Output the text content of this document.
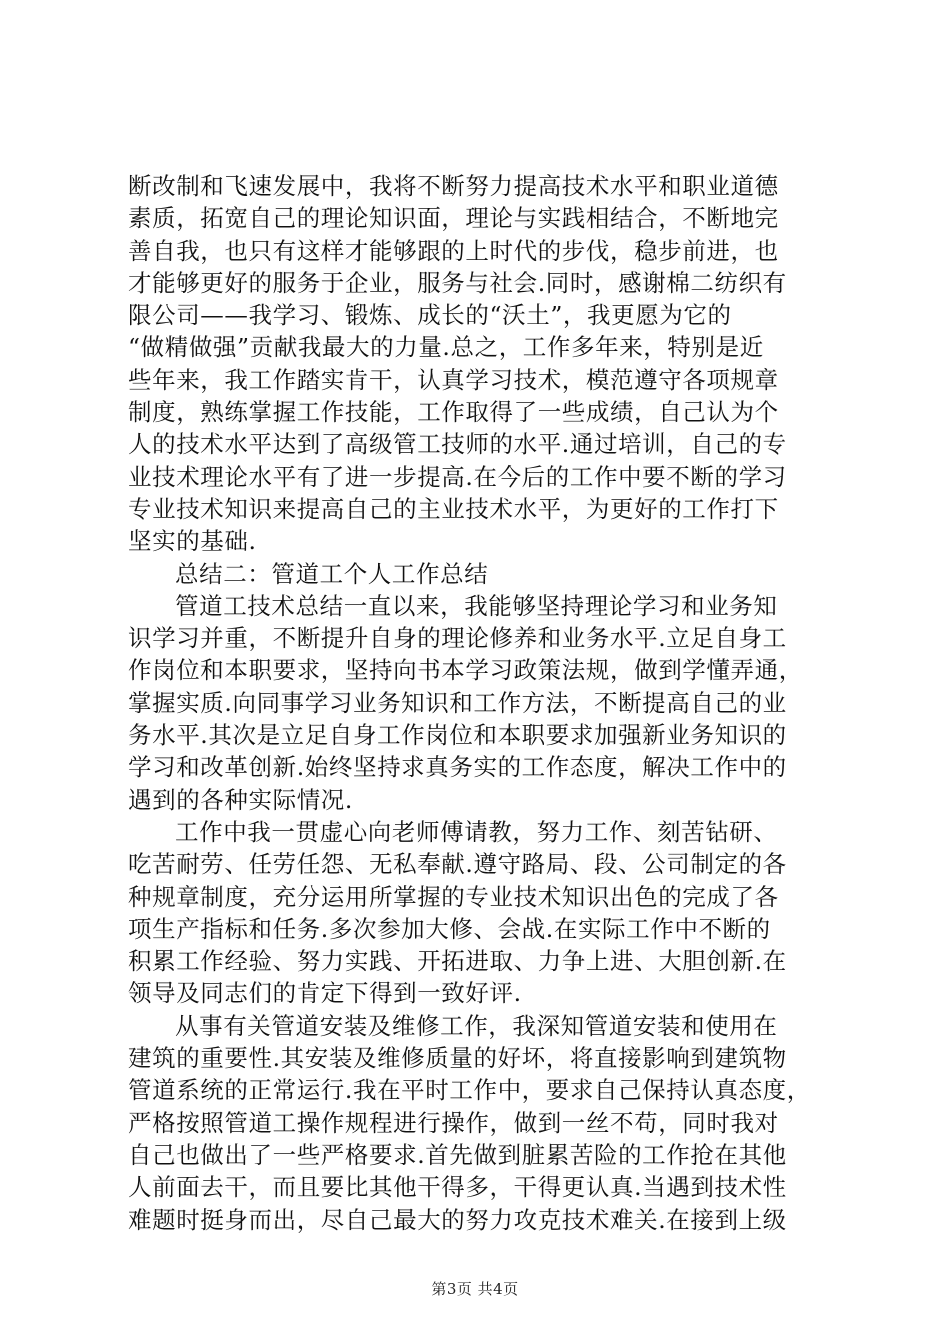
断改制和飞速发展中，我将不断努力提高技术水平和职业道德
素质，拓宽自己的理论知识面，理论与实践相结合，不断地完
善自我，也只有这样才能够跟的上时代的步伐，稳步前进，也
才能够更好的服务于企业，服务与社会.同时，感谢棉二纺织有
限公司——我学习、锻炼、成长的“沃土”，我更愿为它的
“做精做强”贡献我最大的力量.总之，工作多年来，特别是近
些年来，我工作踏实肯干，认真学习技术，模范遵守各项规章
制度，熟练掌握工作技能，工作取得了一些成绩，自己认为个
人的技术水平达到了高级管工技师的水平.通过培训，自己的专
业技术理论水平有了进一步提高.在今后的工作中要不断的学习
专业技术知识来提高自己的主业技术水平，为更好的工作打下
坚实的基础.
总结二：管道工个人工作总结
管道工技术总结一直以来，我能够坚持理论学习和业务知
识学习并重，不断提升自身的理论修养和业务水平.立足自身工
作岗位和本职要求，坚持向书本学习政策法规，做到学懂弄通，
掌握实质.向同事学习业务知识和工作方法，不断提高自己的业
务水平.其次是立足自身工作岗位和本职要求加强新业务知识的
学习和改革创新.始终坚持求真务实的工作态度，解决工作中的
遇到的各种实际情况.
工作中我一贯虚心向老师傅请教，努力工作、刻苦钻研、
吃苦耐劳、任劳任怨、无私奉献.遵守路局、段、公司制定的各
种规章制度，充分运用所掌握的专业技术知识出色的完成了各
项生产指标和任务.多次参加大修、会战.在实际工作中不断的
积累工作经验、努力实践、开拓进取、力争上进、大胆创新.在
领导及同志们的肯定下得到一致好评.
从事有关管道安装及维修工作，我深知管道安装和使用在
建筑的重要性.其安装及维修质量的好坏，将直接影响到建筑物
管道系统的正常运行.我在平时工作中，要求自己保持认真态度，
严格按照管道工操作规程进行操作，做到一丝不苟，同时我对
自己也做出了一些严格要求.首先做到脏累苦险的工作抢在其他
人前面去干，而且要比其他干得多，干得更认真.当遇到技术性
难题时挺身而出，尽自己最大的努力攻克技术难关.在接到上级
第3页 共4页
